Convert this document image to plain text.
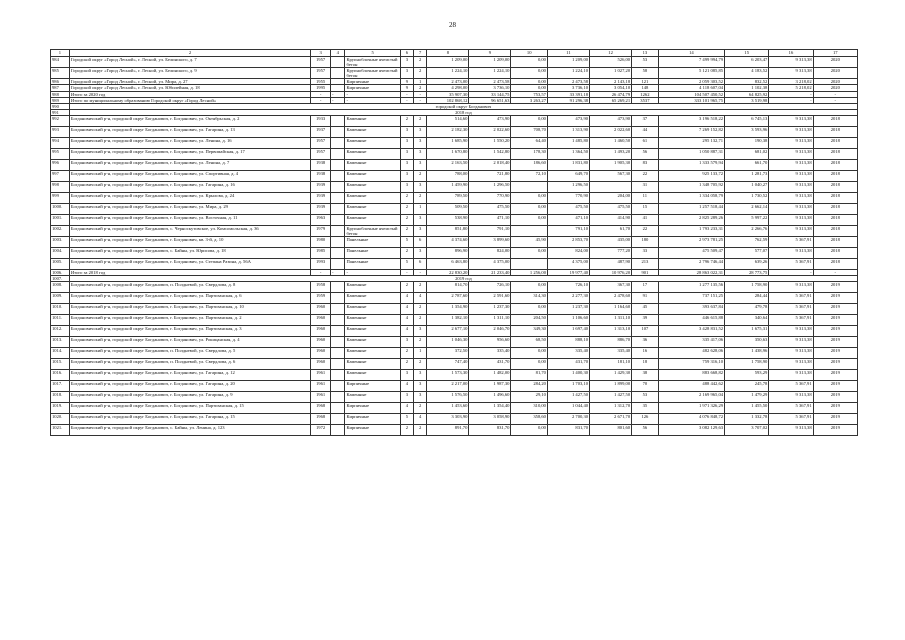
28
1	2	3	4	5	6	7	8	9	10	11	12	13	14	15	16	17
984	Городской округ «Город Лесной», г. Лесной, ул. Белинского, д. 7	1957		Крупноблочные ячеистый бетон	3	2	1 209,00	1 209,00	0,00	1 209,00	526,00	53	7 499 994,79	6 203,47	9 313,38	2020
985	Городской округ «Город Лесной», г. Лесной, ул. Белинского, д. 9	1957		Крупноблочные ячеистый бетон	3	2	1 224,10	1 224,10	0,00	1 224,10	1 027,20	58	5 121 085,85	4 183,52	9 313,38	2020
986	Городской округ «Город Лесной», г. Лесной, ул. Мира, д. 27	1955		Кирпичные	9	1	2 473,00	2 473,58	0,00	2 473,58	2 143,18	121	2 059 303,52	832,52	3 218,02	2020
987	Городской округ «Город Лесной», г. Лесной, ул. Юбилейная, д. 18	1995		Кирпичные	9	2	4 298,00	3 736,10	0,00	3 736,10	3 054,10	148	4 118 607,04	1 102,38	5 218,02	2020
988	Итого за 2020 год	-	-	-	-	-	35 907,30	33 144,75	753,57	33 391,18	26 474,79	1262	104 507 450,52	64 825,92	-	-
989	Итого по муниципальному образованию Городской округ «Город Лесной»	-	-	-	-	-	102 868,12	96 651,63	3 263,27	91 296,38	65 269,21	3537	333 101 965,75	3 519,98	-	-
990	городской округ Богданович															
991	2018 год															
992	Богдановичский р-н, городской округ Богданович, г. Богданович, ул. Октябрьская, д. 2	1933		Каменные	2	2	514,60	473,90	0,00	473,90	473,90	37	3 196 518,22	6 745,13	9 313,38	2018
993	Богдановичский р-н, городской округ Богданович, г. Богданович, ул. Гагарина, д. 13	1937		Каменные	3	3	2 182,30	2 022,60	708,70	1 313,90	2 022,60	44	7 269 152,82	3 593,96	9 313,38	2018
994	Богдановичский р-н, городской округ Богданович, г. Богданович, ул. Ленина, д. 16	1957		Каменные	3	3	1 685,90	1 550,20	64,40	1 485,80	1 460,50	61	295 132,71	190,38	9 313,38	2018
995	Богдановичский р-н, городской округ Богданович, г. Богданович, ул. Первомайская, д. 17	1957		Каменные	3	3	1 670,80	1 542,80	178,30	1 364,50	1 493,20	56	1 050 887,31	681,02	9 313,38	2018
996	Богдановичский р-н, городской округ Богданович, г. Богданович, ул. Ленина, д. 7	1938		Каменные	3	3	2 163,50	2 018,40	186,60	1 831,80	1 905,30	83	1 333 579,94	661,70	9 313,38	2018
997	Богдановичский р-н, городской округ Богданович, г. Богданович, ул. Спортивная, д. 4	1938		Каменные	3	2	788,00	721,80	72,10	649,70	567,30	22	925 133,72	1 281,73	9 313,38	2018
998	Богдановичский р-н, городской округ Богданович, г. Богданович, ул. Гагарина, д. 16	1939		Каменные	3	3	1 459,90	1 296,50		1 296,50		31	1 348 705,92	1 040,27	9 313,38	2018
999	Богдановичский р-н, городской округ Богданович, г. Богданович, ул. Крылова, д. 24	1939		Каменные	2	2	789,50	770,90	0,00	770,90	204,00	11	1 334 058,79	1 730,52	9 313,38	2018
1000.	Богдановичский р-н, городской округ Богданович, г. Богданович, ул. Мира, д. 29	1939		Каменные	2	1	509,50	475,50	0,00	475,50	475,50	15	1 257 518,44	2 662,14	9 313,38	2018
1001.	Богдановичский р-н, городской округ Богданович, г. Богданович, ул. Восточная, д. 11	1963		Каменные	2	3	538,90	471,10	0,00	471,10	414,90	41	2 825 289,26	5 997,22	9 313,38	2018
1002.	Богдановичский р-н, городской округ Богданович, с. Черноскутовское, ул. Комсомольская, д. 36	1979		Крупноблочные ячеистый бетон	2	3	851,80	791,10		791,10	61,70	22	1 793 233,31	2 266,76	9 313,38	2018
1003.	Богдановичский р-н, городской округ Богданович, г. Богданович, кв. 3-й, д. 10	1980		Панельные	5	6	4 374,60	3 899,60	45,90	2 853,70	435,00	180	2 973 781,25	762,59	5 367,91	2018
1004.	Богдановичский р-н, городской округ Богданович, с. Байны, ул. Юрисова, д. 18	1985		Панельные	2	3	896,90	824,00	0,00	824,00	777,20	33	475 509,47	577,07	9 313,38	2018
1005.	Богдановичский р-н, городской округ Богданович, г. Богданович, ул. Степана Разина, д. 56А	1993		Панельные	5	6	6 463,80	4 375,00		4 375,00	487,90	213	2 796 746,44	639,26	5 367,91	2018
1006.	Итого за 2018 год	-	-	-	-	-	22 830,20	21 233,40	1 256,00	19 977,40	10 976,20	901	28 863 022,31	28 773,75	-	-
1007.	2019 год															
1008.	Богдановичский р-н, городской округ Богданович, п. Полдневой, ул. Свердлова, д. 8	1958		Каменные	2	2	814,70	726,10	0,00	726,10	367,30	17	1 277 135,56	1 758,90	9 313,38	2019
1009.	Богдановичский р-н, городской округ Богданович, г. Богданович, ул. Партизанская, д. 6	1959		Каменные	4	4	2 787,60	2 591,60	314,30	2 277,30	2 478,60	91	737 151,25	284,44	5 367,91	2019
1010.	Богдановичский р-н, городской округ Богданович, г. Богданович, ул. Партизанская, д. 10	1960		Каменные	4	2	1 354,90	1 237,30	0,00	1 237,30	1 164,60	45	393 637,84	479,78	5 367,91	2019
1011.	Богдановичский р-н, городской округ Богданович, г. Богданович, ул. Партизанская, д. 2	1960		Каменные	4	2	1 382,10	1 311,10	204,50	1 106,60	1 311,10	39	446 615,88	340,64	5 367,91	2019
1012.	Богдановичский р-н, городской округ Богданович, г. Богданович, ул. Партизанская, д. 3	1960		Каменные	4	3	2 677,10	2 046,70	349,30	1 697,40	1 313,10	107	3 428 831,52	1 675,31	9 313,38	2019
1013.	Богдановичский р-н, городской округ Богданович, г. Богданович, ул. Рокицанская, д. 4	1960		Каменные	3	2	1 046,30	956,60	68,50	888,10	886,70	36	335 417,06	350,63	9 313,38	2019
1014.	Богдановичский р-н, городской округ Богданович, п. Полдневой, ул. Свердлова, д. 5	1960		Каменные	2	1	372,50	335,40	0,00	335,40	335,40	16	482 628,06	1 438,96	9 313,38	2019
1015.	Богдановичский р-н, городской округ Богданович, п. Полдневой, ул. Свердлова, д. 6	1960		Каменные	2	2	747,40	431,70	0,00	431,70	181,10	18	759 316,10	1 758,90	9 313,38	2019
1016.	Богдановичский р-н, городской округ Богданович, г. Богданович, ул. Гагарина, д. 12	1961		Каменные	3	3	1 573,30	1 482,00	81,70	1 400,30	1 429,30	38	883 668,82	593,29	9 313,38	2019
1017.	Богдановичский р-н, городской округ Богданович, г. Богданович, ул. Гагарина, д. 20	1961		Кирпичные	4	3	2 217,00	1 987,30	284,20	1 703,10	1 899,00	70	488 442,62	245,78	5 367,91	2019
1018.	Богдановичский р-н, городской округ Богданович, г. Богданович, ул. Гагарина, д. 9	1961		Каменные	3	3	1 576,50	1 496,60	29,10	1 427,50	1 427,50	53	2 169 965,04	1 479,29	9 313,38	2019
1019.	Богдановичский р-н, городской округ Богданович, г. Богданович, ул. Партизанская, д. 15	1968		Кирпичные	4	2	1 453,60	1 354,40	310,00	1 044,40	1 312,70	35	1 971 326,29	1 455,50	5 367,91	2019
1020.	Богдановичский р-н, городской округ Богданович, г. Богданович, ул. Гагарина, д. 15	1968		Кирпичные	5	4	3 303,90	3 058,90	358,60	2 700,30	2 671,70	126	4 076 848,72	1 332,78	5 367,91	2019
1021.	Богдановичский р-н, городской округ Богданович, с. Байны, ул. Ленина, д. 123	1972		Кирпичные	2	2	891,70	831,70	0,00	831,70	801,60	56	3 082 129,63	3 707,02	9 313,38	2019
